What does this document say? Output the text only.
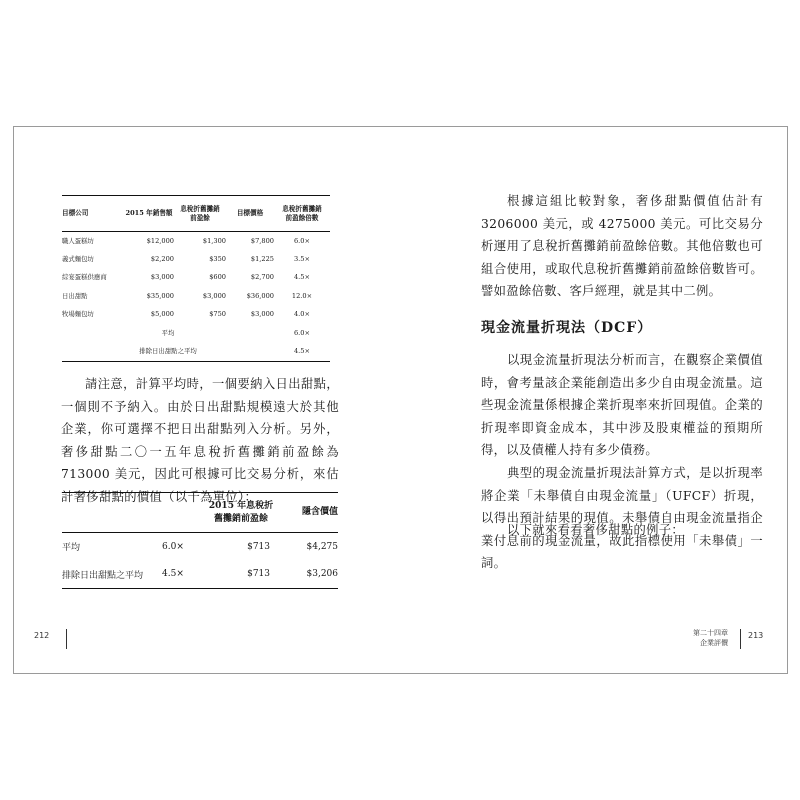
目標公司	2015 年銷售額	息稅折舊攤銷前盈餘	目標價格	息稅折舊攤銷前盈餘倍數
職人蛋糕坊	$12,000	$1,300	$7,800	6.0×
義式麵包坊	$2,200	$350	$1,225	3.5×
綜宴蛋糕供應商	$3,000	$600	$2,700	4.5×
日出甜點	$35,000	$3,000	$36,000	12.0×
牧場麵包坊	$5,000	$750	$3,000	4.0×
平均				6.0×
排除日出甜點之平均				4.5×
請注意，計算平均時，一個要納入日出甜點，一個則不予納入。由於日出甜點規模遠大於其他企業，你可選擇不把日出甜點列入分析。另外，奢侈甜點二〇一五年息稅折舊攤銷前盈餘為 713000 美元，因此可根據可比交易分析，來估計奢侈甜點的價值（以千為單位）：
		2015 年息稅折舊攤銷前盈餘	隱含價值
平均	6.0×	$713	$4,275
排除日出甜點之平均	4.5×	$713	$3,206
212
根據這組比較對象，奢侈甜點價值估計有 3206000 美元，或 4275000 美元。可比交易分析運用了息稅折舊攤銷前盈餘倍數。其他倍數也可組合使用，或取代息稅折舊攤銷前盈餘倍數皆可。譬如盈餘倍數、客戶經理，就是其中二例。
現金流量折現法（DCF）
以現金流量折現法分析而言，在觀察企業價值時，會考量該企業能創造出多少自由現金流量。這些現金流量係根據企業折現率來折回現值。企業的折現率即資金成本，其中涉及股東權益的預期所得，以及債權人持有多少債務。
典型的現金流量折現法計算方式，是以折現率將企業「未舉債自由現金流量」（UFCF）折現，以得出預計結果的現值。未舉債自由現金流量指企業付息前的現金流量，故此指標使用「未舉債」一詞。
以下就來看看奢侈甜點的例子：
第二十四章
企業評價
213
